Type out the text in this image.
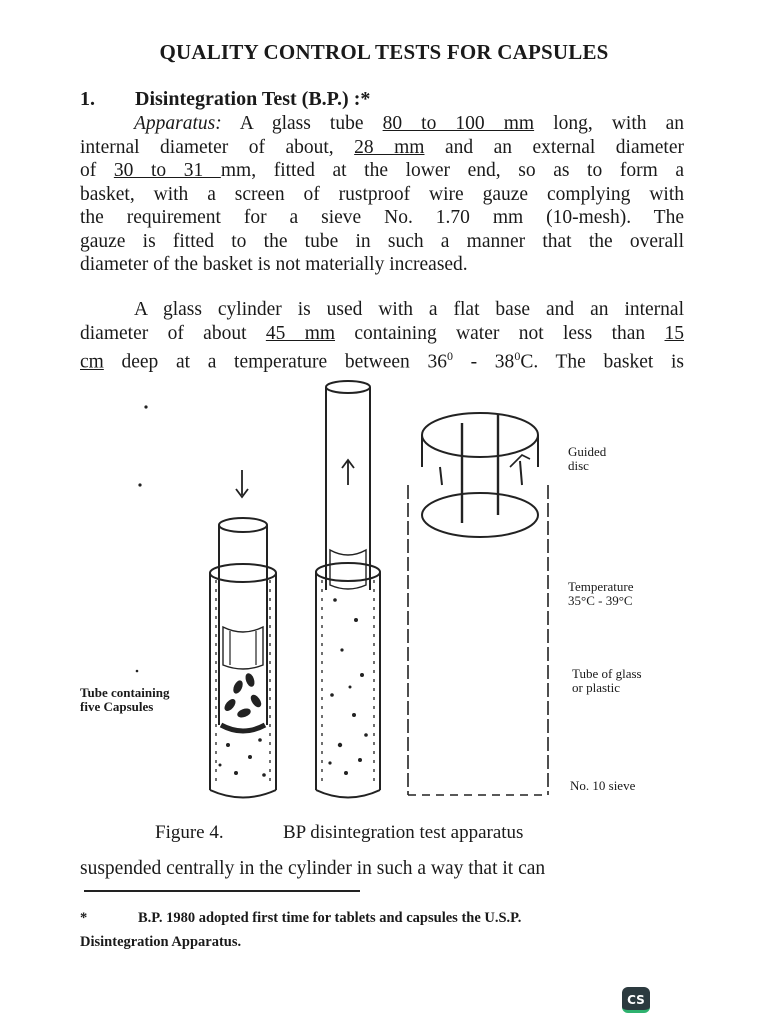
QUALITY CONTROL TESTS FOR CAPSULES
1. Disintegration Test (B.P.) :*
Apparatus: A glass tube 80 to 100 mm long, with an
internal diameter of about, 28 mm and an external diameter
of 30 to 31 mm, fitted at the lower end, so as to form a
basket, with a screen of rustproof wire gauze complying with
the requirement for a sieve No. 1.70 mm (10-mesh). The
gauze is fitted to the tube in such a manner that the overall
diameter of the basket is not materially increased.
A glass cylinder is used with a flat base and an internal
diameter of about 45 mm containing water not less than 15
cm deep at a temperature between $36^0 - 38^0C$. The basket is
Guided
disc
Temperature
35°C - 39°C
Tube of glass
or plastic
No. 10 sieve
Tube containing
five Capsules
Figure 4.	BP disintegration test apparatus
suspended centrally in the cylinder in such a way that it can
*	B.P. 1980 adopted first time for tablets and capsules the U.S.P.
Disintegration Apparatus.
CS
